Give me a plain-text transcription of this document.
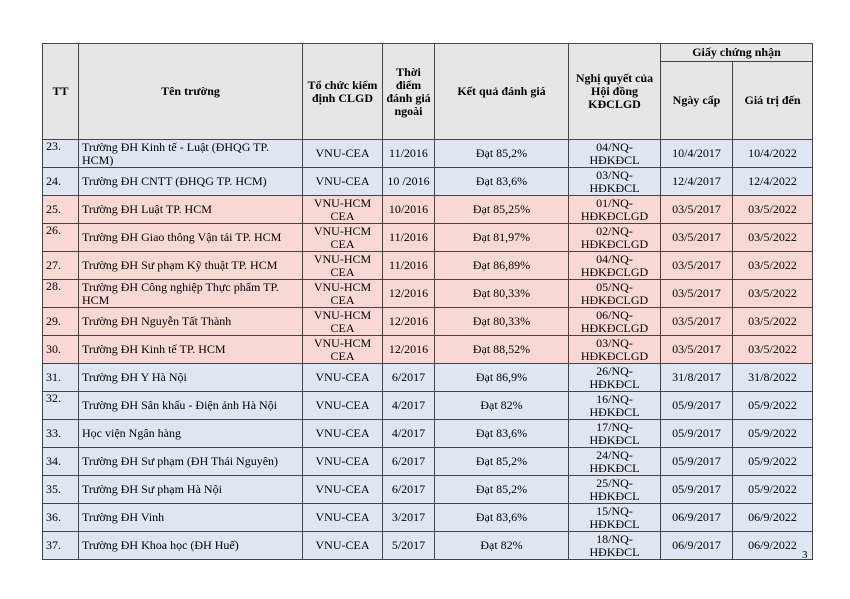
TT	Tên trường	Tổ chức kiểm định CLGD	Thời điểm đánh giá ngoài	Kết quả đánh giá	Nghị quyết của Hội đồng KĐCLGD	Giấy chứng nhận	
						Ngày cấp	Giá trị đến
23.	Trường ĐH Kinh tế - Luật (ĐHQG TP. HCM)	VNU-CEA	11/2016	Đạt 85,2%	04/NQ-HĐKĐCL	10/4/2017	10/4/2022
24.	Trường ĐH CNTT (ĐHQG TP. HCM)	VNU-CEA	10 /2016	Đạt 83,6%	03/NQ-HĐKĐCL	12/4/2017	12/4/2022
25.	Trường ĐH Luật TP. HCM	VNU-HCM CEA	10/2016	Đạt 85,25%	01/NQ-HĐKĐCLGD	03/5/2017	03/5/2022
26.	Trường ĐH Giao thông Vận tải TP. HCM	VNU-HCM CEA	11/2016	Đạt 81,97%	02/NQ-HĐKĐCLGD	03/5/2017	03/5/2022
27.	Trường ĐH Sư phạm Kỹ thuật TP. HCM	VNU-HCM CEA	11/2016	Đạt 86,89%	04/NQ-HĐKĐCLGD	03/5/2017	03/5/2022
28.	Trường ĐH Công nghiệp Thực phẩm TP. HCM	VNU-HCM CEA	12/2016	Đạt 80,33%	05/NQ-HĐKĐCLGD	03/5/2017	03/5/2022
29.	Trường ĐH Nguyễn Tất Thành	VNU-HCM CEA	12/2016	Đạt 80,33%	06/NQ-HĐKĐCLGD	03/5/2017	03/5/2022
30.	Trường ĐH Kinh tế TP. HCM	VNU-HCM CEA	12/2016	Đạt 88,52%	03/NQ-HĐKĐCLGD	03/5/2017	03/5/2022
31.	Trường ĐH Y Hà Nội	VNU-CEA	6/2017	Đạt 86,9%	26/NQ-HĐKĐCL	31/8/2017	31/8/2022
32.	Trường ĐH Sân khấu - Điện ảnh Hà Nội	VNU-CEA	4/2017	Đạt 82%	16/NQ-HĐKĐCL	05/9/2017	05/9/2022
33.	Học viện Ngân hàng	VNU-CEA	4/2017	Đạt 83,6%	17/NQ-HĐKĐCL	05/9/2017	05/9/2022
34.	Trường ĐH Sư phạm (ĐH Thái Nguyên)	VNU-CEA	6/2017	Đạt 85,2%	24/NQ-HĐKĐCL	05/9/2017	05/9/2022
35.	Trường ĐH Sư phạm Hà Nội	VNU-CEA	6/2017	Đạt 85,2%	25/NQ-HĐKĐCL	05/9/2017	05/9/2022
36.	Trường ĐH Vinh	VNU-CEA	3/2017	Đạt 83,6%	15/NQ-HĐKĐCL	06/9/2017	06/9/2022
37.	Trường ĐH Khoa học (ĐH Huế)	VNU-CEA	5/2017	Đạt 82%	18/NQ-HĐKĐCL	06/9/2017	06/9/2022
3
